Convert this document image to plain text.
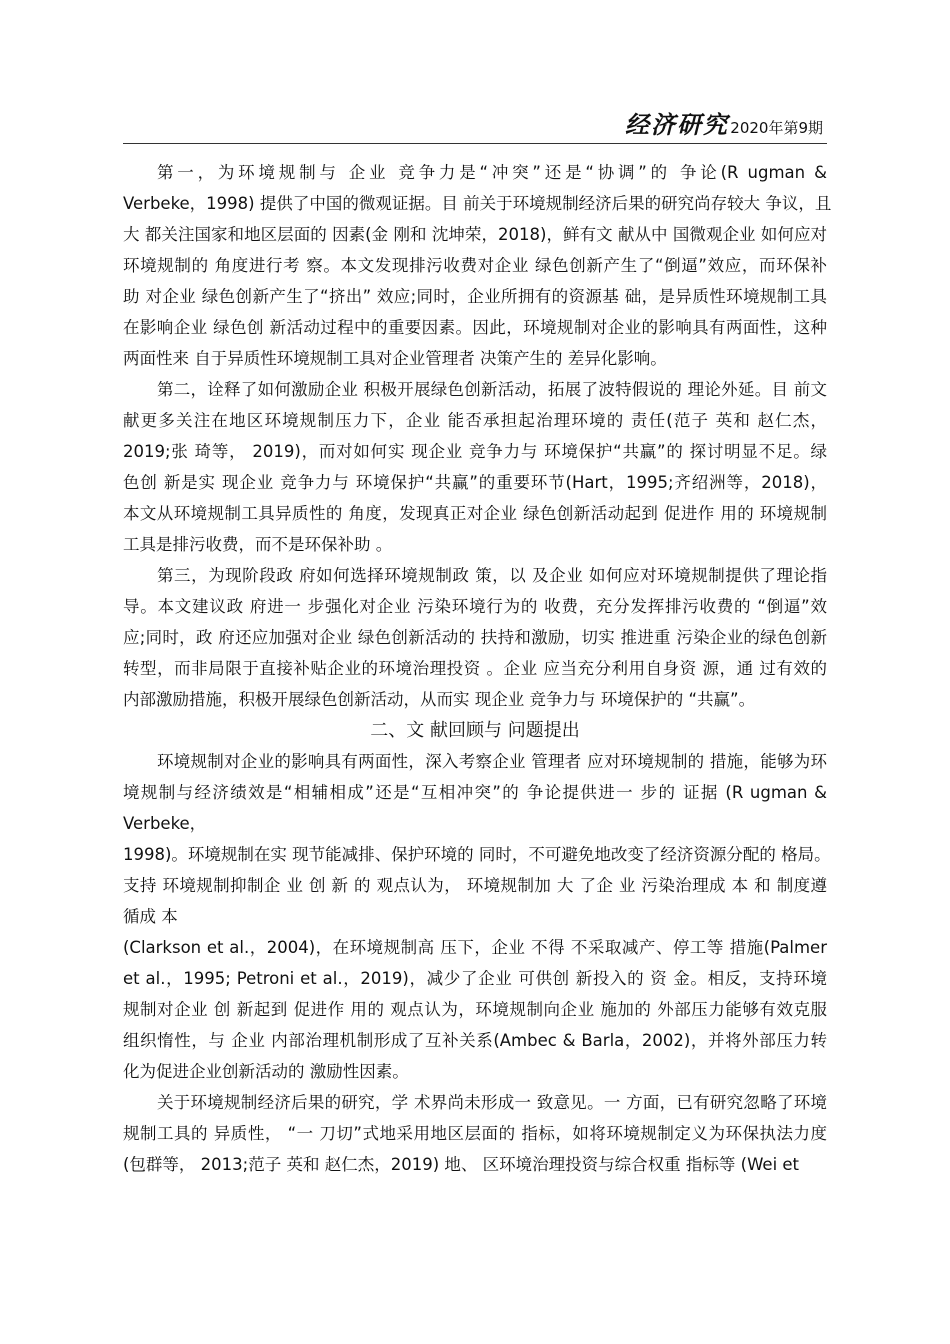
经济研究 2020年第9期
第一，为环境规制与 企业 竞争力是“冲突”还是“协调”的 争论(R ugman &
Verbeke，1998) 提供了中国的微观证据。目 前关于环境规制经济后果的研究尚存较大 争议，且
大 都关注国家和地区层面的 因素(金 刚和 沈坤荣，2018)，鲜有文 献从中 国微观企业 如何应对
环境规制的 角度进行考 察。本文发现排污收费对企业 绿色创新产生了“倒逼”效应，而环保补
助 对企业 绿色创新产生了“挤出” 效应;同时，企业所拥有的资源基 础，是异质性环境规制工具
在影响企业 绿色创 新活动过程中的重要因素。因此，环境规制对企业的影响具有两面性，这种
两面性来 自于异质性环境规制工具对企业管理者 决策产生的 差异化影响。
第二，诠释了如何激励企业 积极开展绿色创新活动，拓展了波特假说的 理论外延。目 前文
献更多关注在地区环境规制压力下，企业 能否承担起治理环境的 责任(范子 英和 赵仁杰，
2019;张 琦等， 2019)，而对如何实 现企业 竞争力与 环境保护“共赢”的 探讨明显不足。绿
色创 新是实 现企业 竞争力与 环境保护“共赢”的重要环节(Hart，1995;齐绍洲等，2018)，
本文从环境规制工具异质性的 角度，发现真正对企业 绿色创新活动起到 促进作 用的 环境规制
工具是排污收费，而不是环保补助 。
第三，为现阶段政 府如何选择环境规制政 策，以 及企业 如何应对环境规制提供了理论指
导。本文建议政 府进一 步强化对企业 污染环境行为的 收费，充分发挥排污收费的 “倒逼”效
应;同时，政 府还应加强对企业 绿色创新活动的 扶持和激励，切实 推进重 污染企业的绿色创新
转型，而非局限于直接补贴企业的环境治理投资 。企业 应当充分利用自身资 源，通 过有效的
内部激励措施，积极开展绿色创新活动，从而实 现企业 竞争力与 环境保护的 “共赢”。
二、文 献回顾与 问题提出
环境规制对企业的影响具有两面性，深入考察企业 管理者 应对环境规制的 措施，能够为环
境规制与经济绩效是“相辅相成”还是“互相冲突”的 争论提供进一 步的 证据 (R ugman &
Verbeke，
1998)。环境规制在实 现节能减排、保护环境的 同时，不可避免地改变了经济资源分配的 格局。
支持 环境规制抑制企 业 创 新 的 观点认为， 环境规制加 大 了企 业 污染治理成 本 和 制度遵
循成 本
(Clarkson et al.，2004)，在环境规制高 压下，企业 不得 不采取减产、停工等 措施(Palmer
et al.，1995; Petroni et al.，2019)，减少了企业 可供创 新投入的 资 金。相反，支持环境
规制对企业 创 新起到 促进作 用的 观点认为，环境规制向企业 施加的 外部压力能够有效克服
组织惰性，与 企业 内部治理机制形成了互补关系(Ambec & Barla，2002)，并将外部压力转
化为促进企业创新活动的 激励性因素。
关于环境规制经济后果的研究，学 术界尚未形成一 致意见。一 方面，已有研究忽略了环境
规制工具的 异质性， “一 刀切”式地采用地区层面的 指标，如将环境规制定义为环保执法力度
(包群等， 2013;范子 英和 赵仁杰，2019) 地、 区环境治理投资与综合权重 指标等 (Wei et
